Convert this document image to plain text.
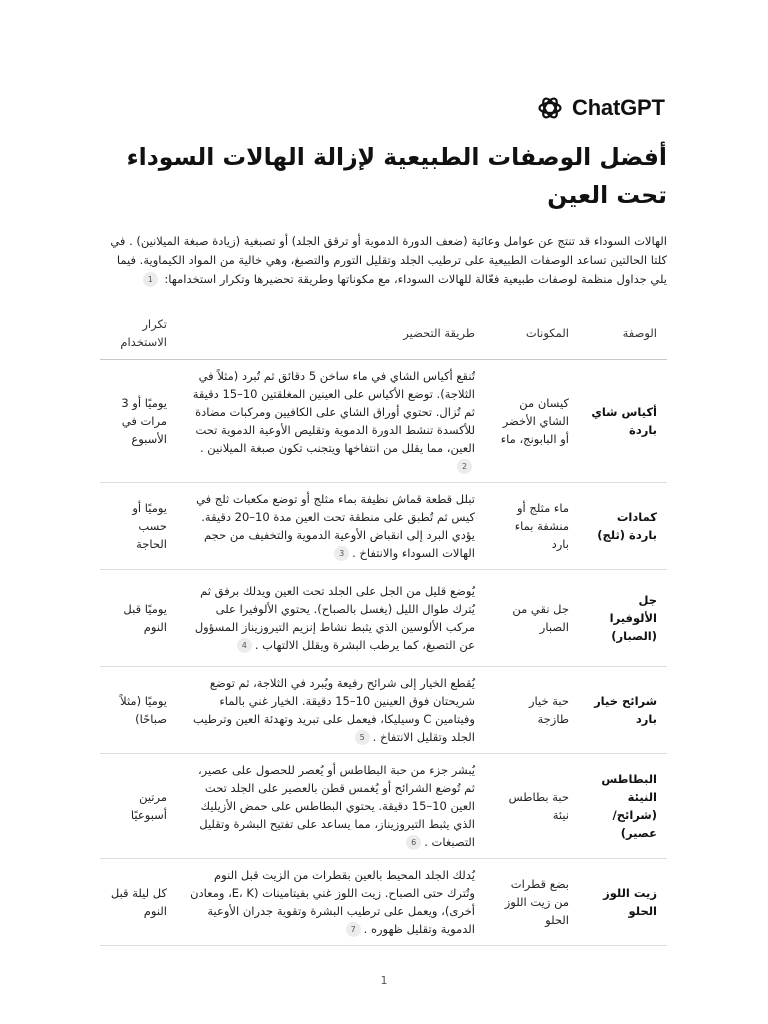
ChatGPT
أفضل الوصفات الطبيعية لإزالة الهالات السوداء تحت العين

الهالات السوداء قد تنتج عن عوامل وعائية (ضعف الدورة الدموية أو ترقق الجلد) أو تصبغية (زيادة صبغة الميلانين) . في كلتا الحالتين تساعد الوصفات الطبيعية على ترطيب الجلد وتقليل التورم والتصبغ، وهي خالية من المواد الكيماوية. فيما يلي جداول منظمة لوصفات طبيعية فعّالة للهالات السوداء، مع مكوناتها وطريقة تحضيرها وتكرار استخدامها: 1

الوصفة	المكونات	طريقة التحضير	تكرار الاستخدام
أكياس شاي باردة	كيسان من الشاي الأخضر أو البابونج، ماء	تُنقع أكياس الشاي في ماء ساخن 5 دقائق ثم تُبرد (مثلاً في الثلاجة). توضع الأكياس على العينين المغلقتين 10–15 دقيقة ثم تُزال. تحتوي أوراق الشاي على الكافيين ومركبات مضادة للأكسدة تنشط الدورة الدموية وتقليص الأوعية الدموية تحت العين، مما يقلل من انتفاخها ويتجنب تكون صبغة الميلانين .2	يوميًا أو 3 مرات في الأسبوع
كمادات باردة (ثلج)	ماء مثلج أو منشفة بماء بارد	تبلل قطعة قماش نظيفة بماء مثلج أو توضع مكعبات ثلج في كيس ثم تُطبق على منطقة تحت العين مدة 10–20 دقيقة. يؤدي البرد إلى انقباض الأوعية الدموية والتخفيف من حجم الهالات السوداء والانتفاخ .3	يوميًا أو حسب الحاجة
جل الألوفيرا (الصبار)	جل نقي من الصبار	يُوضع قليل من الجل على الجلد تحت العين ويدلك برفق ثم يُترك طوال الليل (يغسل بالصباح). يحتوي الألوفيرا على مركب الألوسين الذي يثبط نشاط إنزيم التيروزيناز المسؤول عن التصبغ، كما يرطب البشرة ويقلل الالتهاب .4	يوميًا قبل النوم
شرائح خيار بارد	حبة خيار طازجة	يُقطع الخيار إلى شرائح رفيعة ويُبرد في الثلاجة، ثم توضع شريحتان فوق العينين 10–15 دقيقة. الخيار غني بالماء وفيتامين C وسيليكا، فيعمل على تبريد وتهدئة العين وترطيب الجلد وتقليل الانتفاخ .5	يوميًا (مثلاً صباحًا)
البطاطس النيئة (شرائح/عصير)	حبة بطاطس نيئة	يُبشر جزء من حبة البطاطس أو يُعصر للحصول على عصير، ثم تُوضع الشرائح أو يُغمس قطن بالعصير على الجلد تحت العين 10–15 دقيقة. يحتوي البطاطس على حمض الأزيليك الذي يثبط التيروزيناز، مما يساعد على تفتيح البشرة وتقليل التصبغات .6	مرتين أسبوعيًا
زيت اللوز الحلو	بضع قطرات من زيت اللوز الحلو	يُدلك الجلد المحيط بالعين بقطرات من الزيت قبل النوم وتُترك حتى الصباح. زيت اللوز غني بفيتامينات (E، K، ومعادن أخرى)، ويعمل على ترطيب البشرة وتقوية جدران الأوعية الدموية وتقليل ظهوره .7	كل ليلة قبل النوم
1
